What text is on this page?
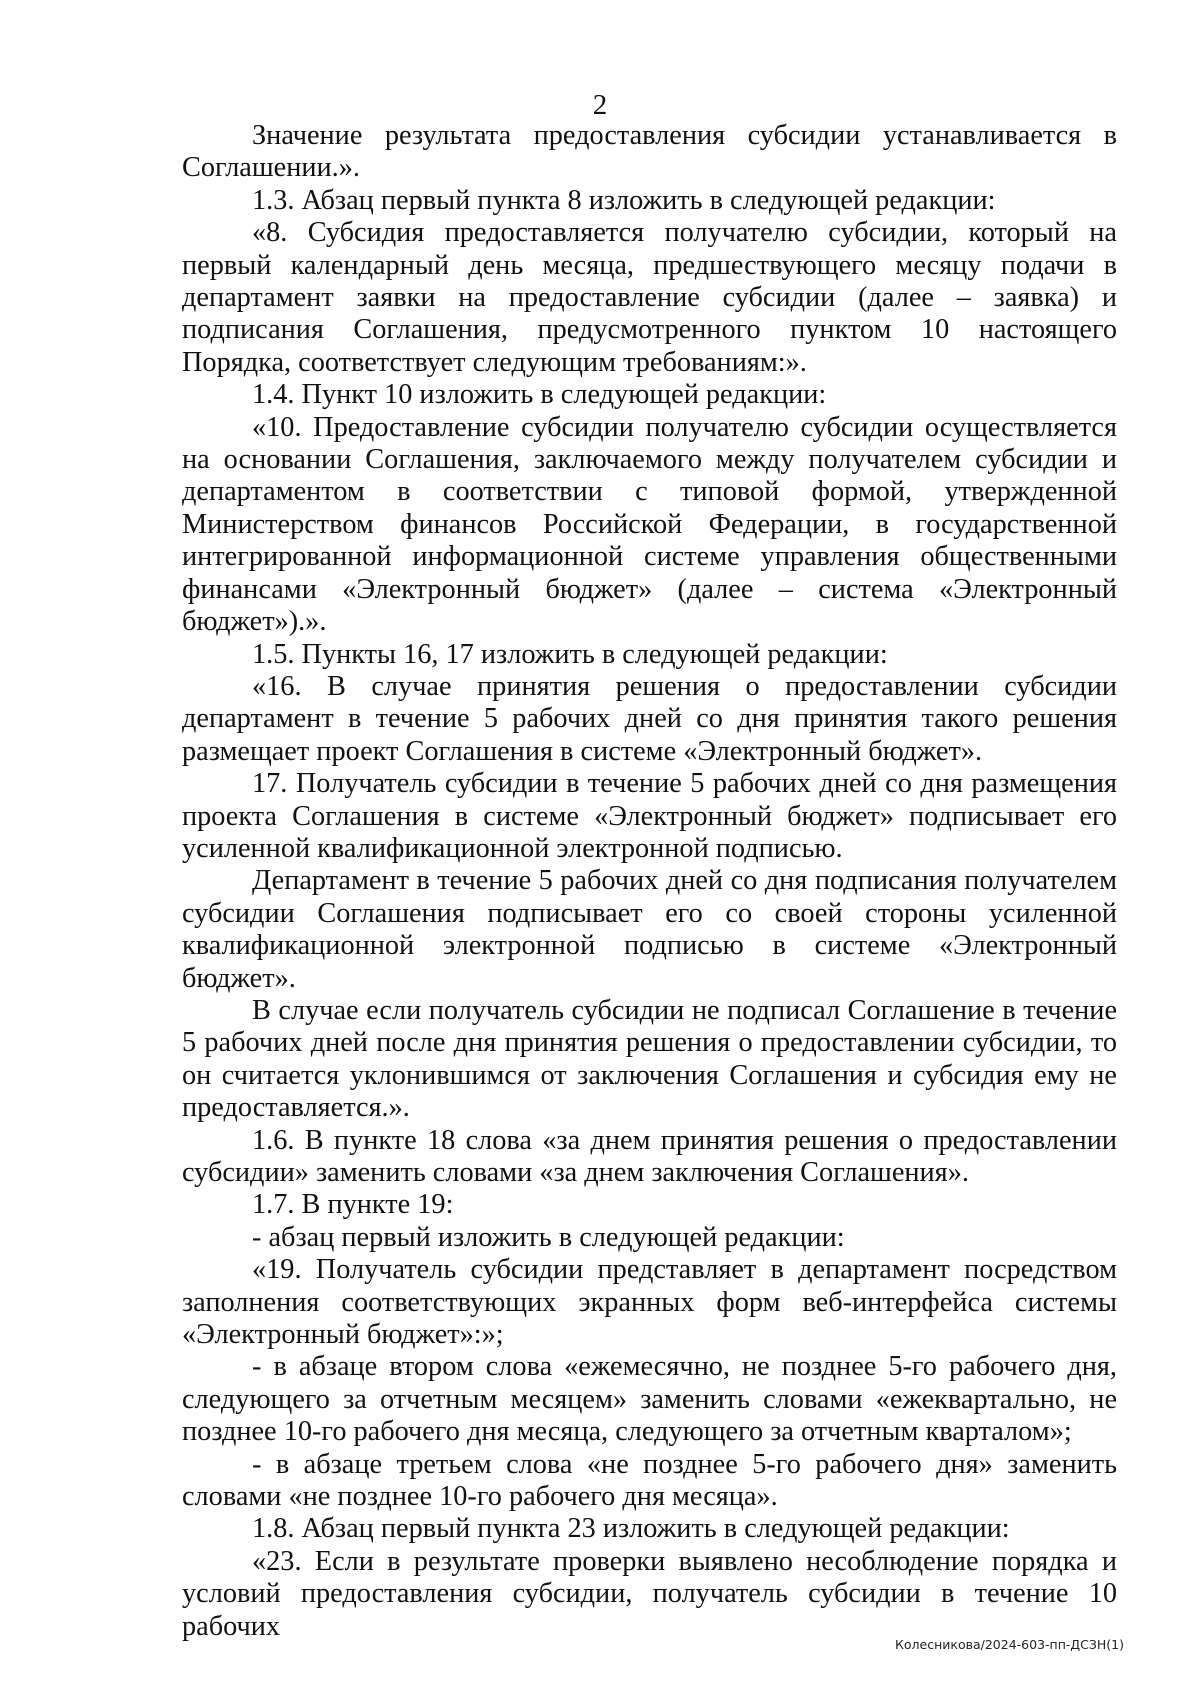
2

Значение результата предоставления субсидии устанавливается в Соглашении.».

1.3. Абзац первый пункта 8 изложить в следующей редакции:

«8. Субсидия предоставляется получателю субсидии, который на первый календарный день месяца, предшествующего месяцу подачи в департамент заявки на предоставление субсидии (далее – заявка) и подписания Соглашения, предусмотренного пунктом 10 настоящего Порядка, соответствует следующим требованиям:».

1.4. Пункт 10 изложить в следующей редакции:

«10. Предоставление субсидии получателю субсидии осуществляется на основании Соглашения, заключаемого между получателем субсидии и департаментом в соответствии с типовой формой, утвержденной Министерством финансов Российской Федерации, в государственной интегрированной информационной системе управления общественными финансами «Электронный бюджет» (далее – система «Электронный бюджет»).».

1.5. Пункты 16, 17 изложить в следующей редакции:

«16. В случае принятия решения о предоставлении субсидии департамент в течение 5 рабочих дней со дня принятия такого решения размещает проект Соглашения в системе «Электронный бюджет».

17. Получатель субсидии в течение 5 рабочих дней со дня размещения проекта Соглашения в системе «Электронный бюджет» подписывает его усиленной квалификационной электронной подписью.

Департамент в течение 5 рабочих дней со дня подписания получателем субсидии Соглашения подписывает его со своей стороны усиленной квалификационной электронной подписью в системе «Электронный бюджет».

В случае если получатель субсидии не подписал Соглашение в течение 5 рабочих дней после дня принятия решения о предоставлении субсидии, то он считается уклонившимся от заключения Соглашения и субсидия ему не предоставляется.».

1.6. В пункте 18 слова «за днем принятия решения о предоставлении субсидии» заменить словами «за днем заключения Соглашения».

1.7. В пункте 19:

- абзац первый изложить в следующей редакции:

«19. Получатель субсидии представляет в департамент посредством заполнения соответствующих экранных форм веб-интерфейса системы «Электронный бюджет»:»;

- в абзаце втором слова «ежемесячно, не позднее 5-го рабочего дня, следующего за отчетным месяцем» заменить словами «ежеквартально, не позднее 10-го рабочего дня месяца, следующего за отчетным кварталом»;

- в абзаце третьем слова «не позднее 5-го рабочего дня» заменить словами «не позднее 10-го рабочего дня месяца».

1.8. Абзац первый пункта 23 изложить в следующей редакции:

«23. Если в результате проверки выявлено несоблюдение порядка и условий предоставления субсидии, получатель субсидии в течение 10 рабочих

Колесникова/2024-603-пп-ДСЗН(1)
